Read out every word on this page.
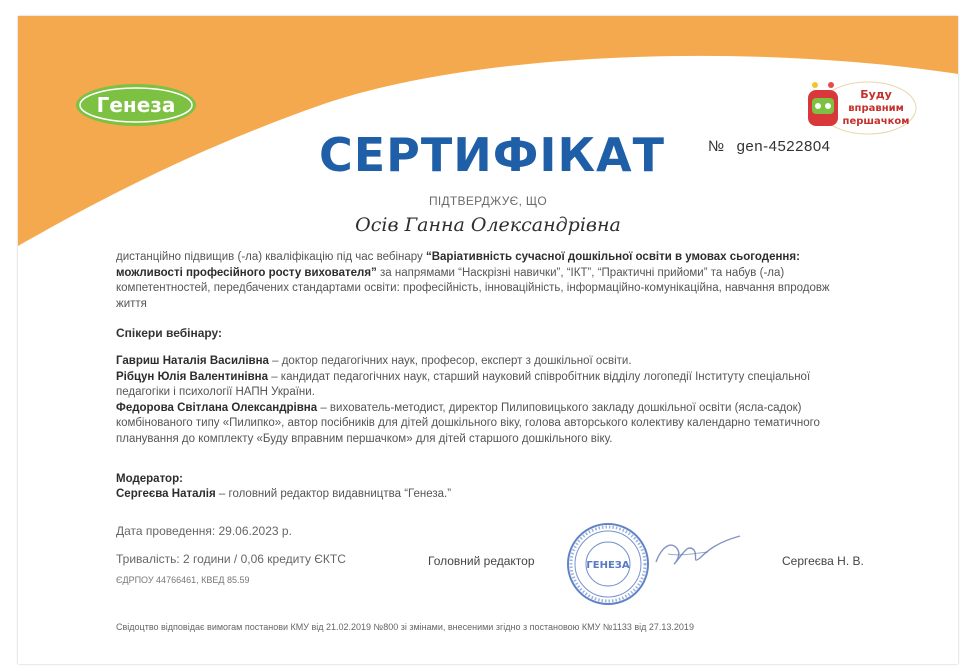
Генеза	Буду
вправним
першачком
СЕРТИФІКАТ	№ gen-4522804
ПІДТВЕРДЖУЄ, ЩО
Осів Ганна Олександрівна
дистанційно підвищив (-ла) кваліфікацію під час вебінару “Варіативність сучасної дошкільної освіти в умовах сьогодення: можливості професійного росту вихователя” за напрямами “Наскрізні навички”, “ІКТ”, “Практичні прийоми” та набув (-ла) компетентностей, передбачених стандартами освіти: професійність, інноваційність, інформаційно-комунікаційна, навчання впродовж життя
Спікери вебінару:

Гавриш Наталія Василівна – доктор педагогічних наук, професор, експерт з дошкільної освіти.

Рібцун Юлія Валентинівна – кандидат педагогічних наук, старший науковий співробітник відділу логопедії Інституту спеціальної педагогіки і психології НАПН України.

Федорова Світлана Олександрівна – вихователь-методист, директор Пилиповицького закладу дошкільної освіти (ясла-садок) комбінованого типу «Пилипко», автор посібників для дітей дошкільного віку, голова авторського колективу календарно тематичного планування до комплекту «Буду вправним першачком» для дітей старшого дошкільного віку.

Модератор:
Сергеєва Наталія – головний редактор видавництва “Генеза.”
Дата проведення: 29.06.2023 р.
Тривалість: 2 години / 0,06 кредиту ЄКТС
ЄДРПОУ 44766461, КВЕД 85.59
Головний редактор	ГЕНЕЗА	Сергеєва Н. В.
Свідоцтво відповідає вимогам постанови КМУ від 21.02.2019 №800 зі змінами, внесеними згідно з постановою КМУ №1133 від 27.13.2019
